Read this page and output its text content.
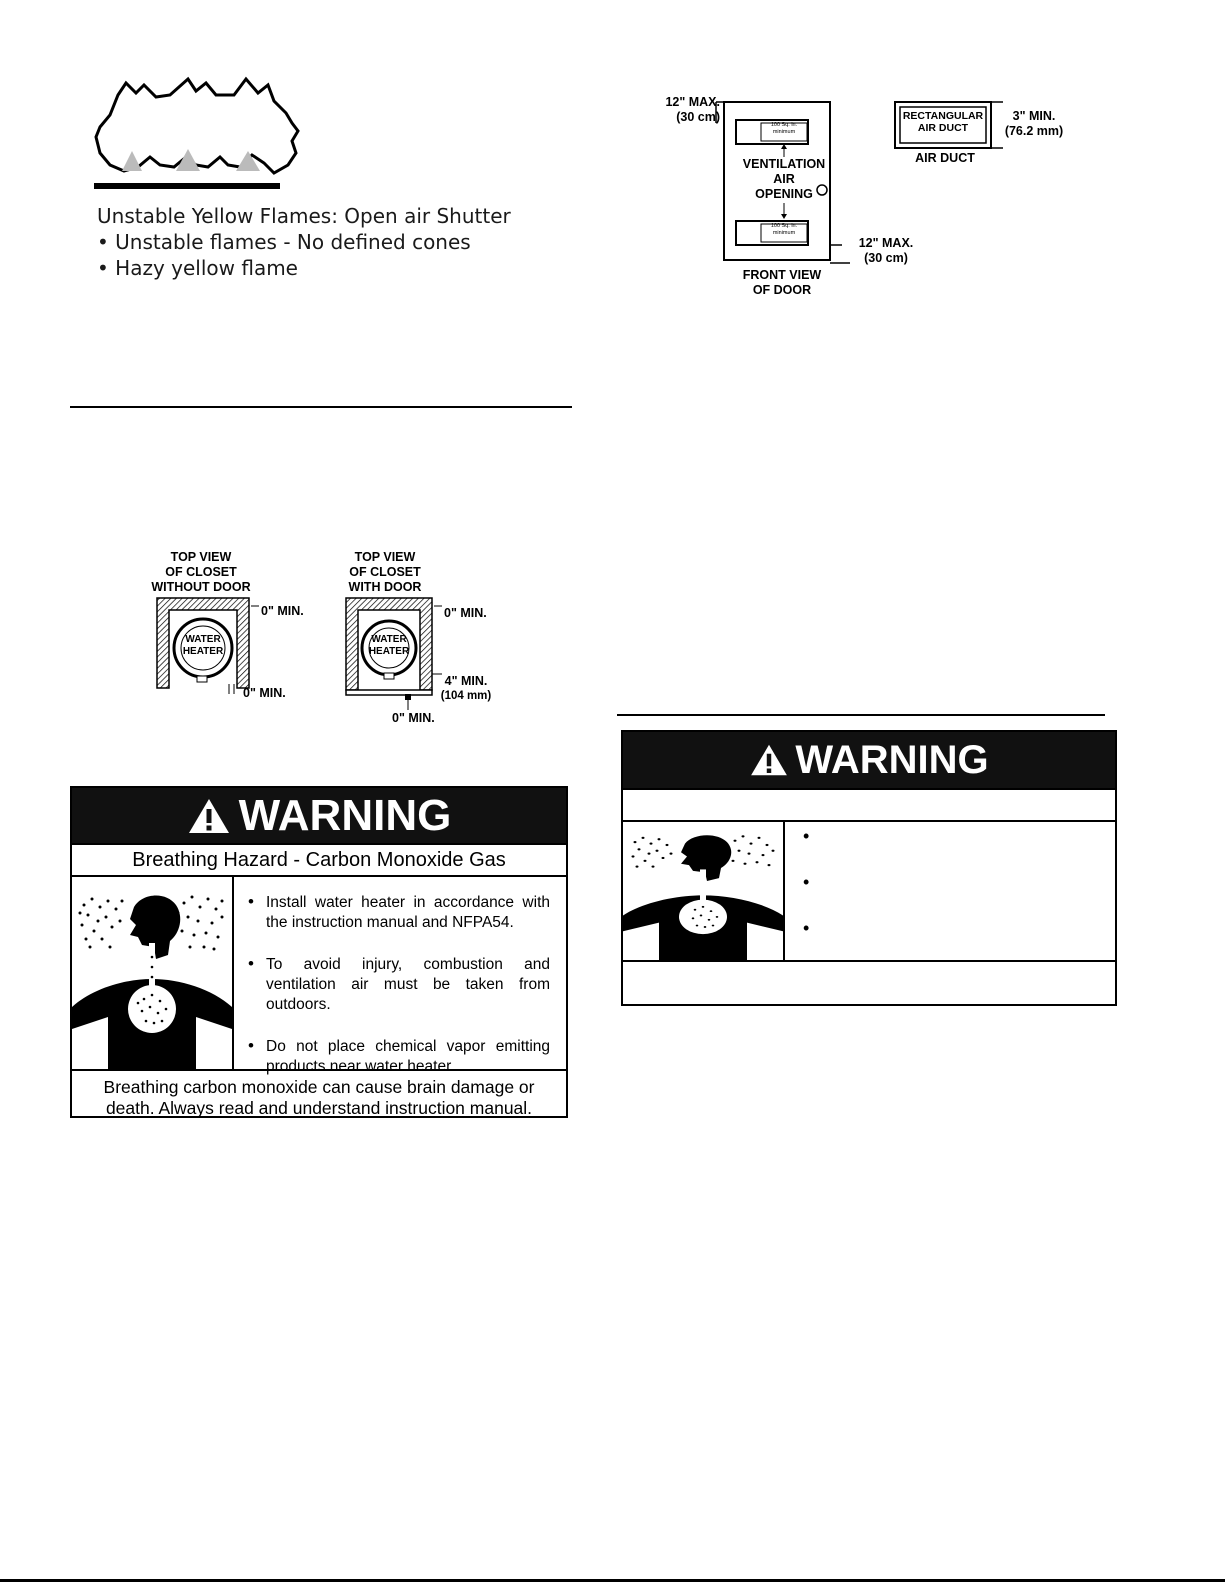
Unstable Yellow Flames: Open air Shutter
• Unstable flames - No defined cones
• Hazy yellow flame
12" MAX.
(30 cm)
100 Sq. in. minimum
100 Sq. in. minimum
VENTILATION
AIR
OPENING
12" MAX.
(30 cm)
FRONT VIEW
OF DOOR
RECTANGULAR
AIR DUCT
3" MIN.
(76.2 mm)
AIR DUCT
TOP VIEW
OF CLOSET
WITHOUT DOOR
WATER
HEATER
0" MIN.
0" MIN.
TOP VIEW
OF CLOSET
WITH DOOR
WATER
HEATER
0" MIN.
4" MIN.
(104 mm)
0" MIN.
WARNING
Breathing Hazard - Carbon Monoxide Gas
• Install water heater in accordance with the instruction manual and NFPA54.
• To avoid injury, combustion and ventilation air must be taken from outdoors.
• Do not place chemical vapor emitting products near water heater.
Breathing carbon monoxide can cause brain damage or
death. Always read and understand instruction manual.
WARNING
•
•
•
